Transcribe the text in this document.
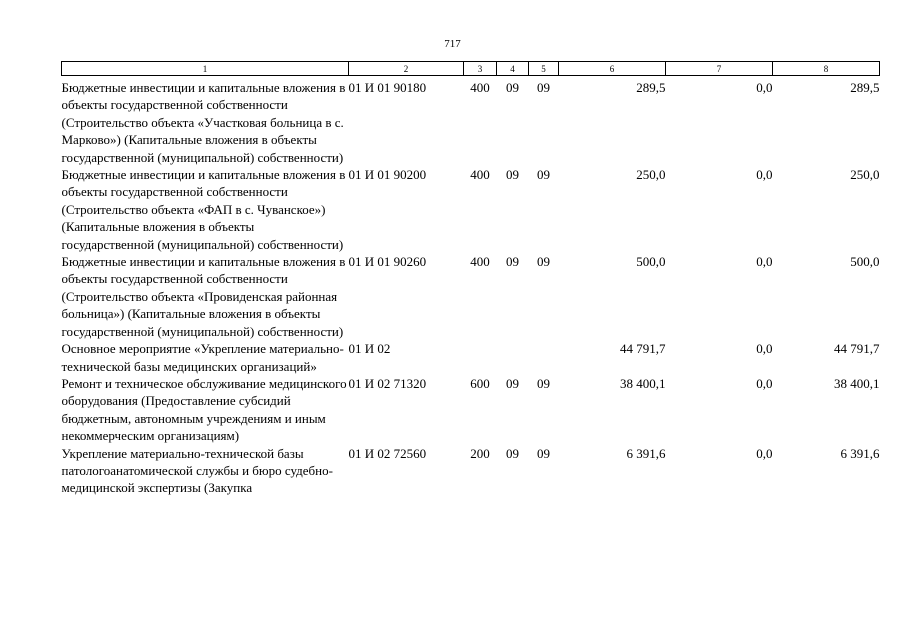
717
1	2	3	4	5	6	7	8
Бюджетные инвестиции и капитальные вложения в объекты государственной собственности (Строительство объекта «Участковая больница в с. Марково») (Капитальные вложения в объекты государственной (муниципальной) собственности)	01 И 01 90180	400	09	09	289,5	0,0	289,5
Бюджетные инвестиции и капитальные вложения в объекты государственной собственности (Строительство объекта «ФАП в с. Чуванское») (Капитальные вложения в объекты государственной (муниципальной) собственности)	01 И 01 90200	400	09	09	250,0	0,0	250,0
Бюджетные инвестиции и капитальные вложения в объекты государственной собственности (Строительство объекта «Провиденская районная больница») (Капитальные вложения в объекты государственной (муниципальной) собственности)	01 И 01 90260	400	09	09	500,0	0,0	500,0
Основное мероприятие «Укрепление материально-технической базы медицинских организаций»	01 И 02				44 791,7	0,0	44 791,7
Ремонт и техническое обслуживание медицинского оборудования (Предоставление субсидий бюджетным, автономным учреждениям и иным некоммерческим организациям)	01 И 02 71320	600	09	09	38 400,1	0,0	38 400,1
Укрепление материально-технической базы патологоанатомической службы и бюро судебно-медицинской экспертизы (Закупка	01 И 02 72560	200	09	09	6 391,6	0,0	6 391,6
